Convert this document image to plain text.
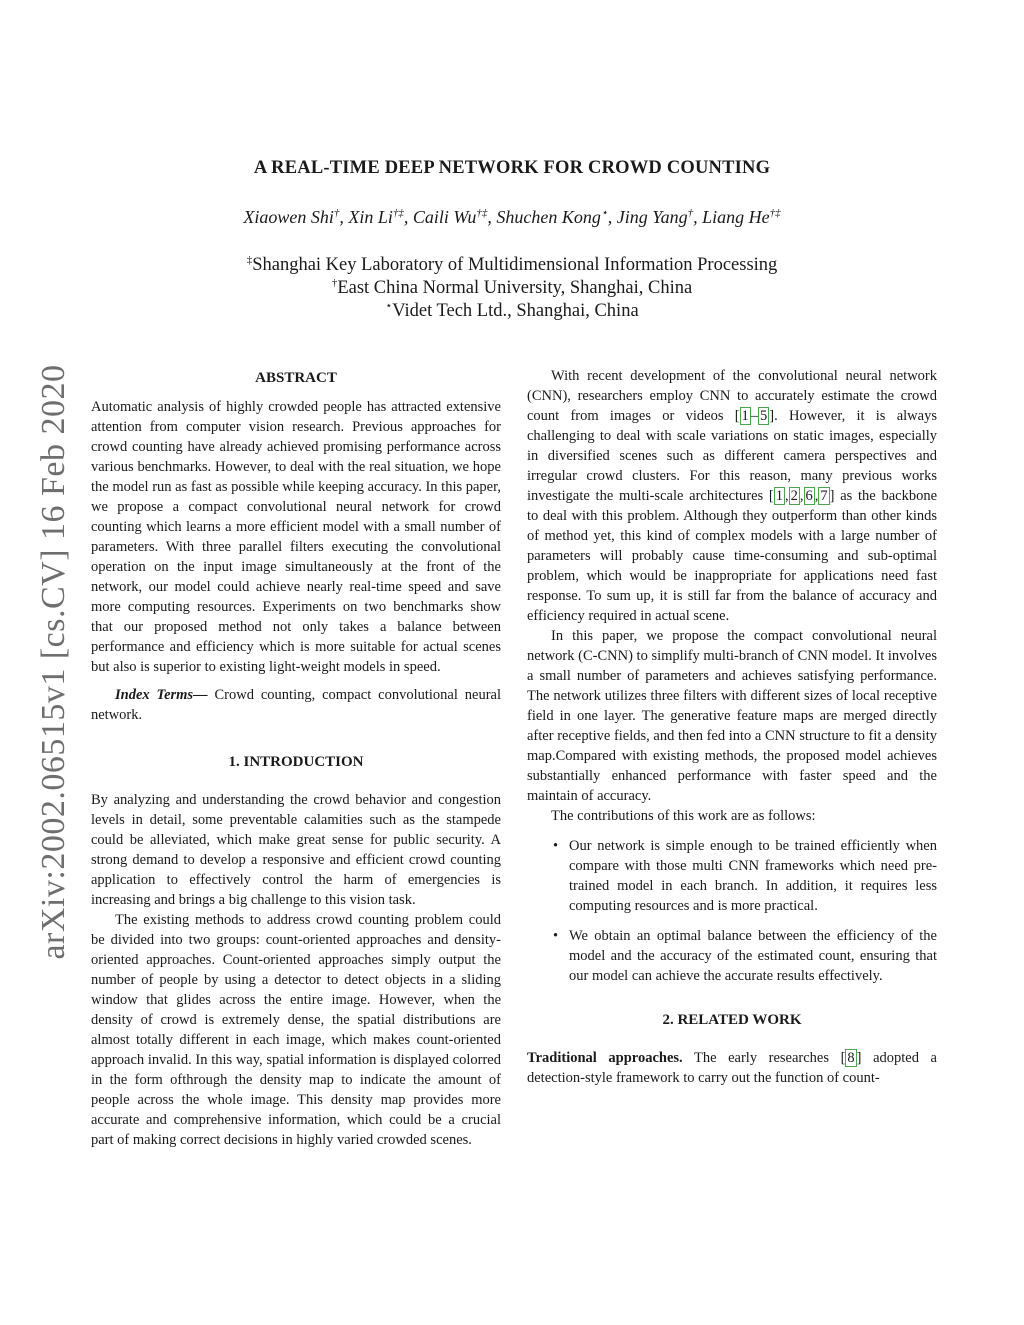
arXiv:2002.06515v1 [cs.CV] 16 Feb 2020
A REAL-TIME DEEP NETWORK FOR CROWD COUNTING
Xiaowen Shi†, Xin Li†‡, Caili Wu†‡, Shuchen Kong⋆, Jing Yang†, Liang He†‡
‡Shanghai Key Laboratory of Multidimensional Information Processing
†East China Normal University, Shanghai, China
⋆Videt Tech Ltd., Shanghai, China

ABSTRACT

Automatic analysis of highly crowded people has attracted extensive attention from computer vision research. Previous approaches for crowd counting have already achieved promising performance across various benchmarks. However, to deal with the real situation, we hope the model run as fast as possible while keeping accuracy. In this paper, we propose a compact convolutional neural network for crowd counting which learns a more efficient model with a small number of parameters. With three parallel filters executing the convolutional operation on the input image simultaneously at the front of the network, our model could achieve nearly real-time speed and save more computing resources. Experiments on two benchmarks show that our proposed method not only takes a balance between performance and efficiency which is more suitable for actual scenes but also is superior to existing light-weight models in speed.

Index Terms— Crowd counting, compact convolutional neural network.

1. INTRODUCTION

By analyzing and understanding the crowd behavior and congestion levels in detail, some preventable calamities such as the stampede could be alleviated, which make great sense for public security. A strong demand to develop a responsive and efficient crowd counting application to effectively control the harm of emergencies is increasing and brings a big challenge to this vision task.

The existing methods to address crowd counting problem could be divided into two groups: count-oriented approaches and density-oriented approaches. Count-oriented approaches simply output the number of people by using a detector to detect objects in a sliding window that glides across the entire image. However, when the density of crowd is extremely dense, the spatial distributions are almost totally different in each image, which makes count-oriented approach invalid. In this way, spatial information is displayed colorred in the form ofthrough the density map to indicate the amount of people across the whole image. This density map provides more accurate and comprehensive information, which could be a crucial part of making correct decisions in highly varied crowded scenes.

With recent development of the convolutional neural network (CNN), researchers employ CNN to accurately estimate the crowd count from images or videos [ 1 – 5 ]. However, it is always challenging to deal with scale variations on static images, especially in diversified scenes such as different camera perspectives and irregular crowd clusters. For this reason, many previous works investigate the multi-scale architectures [ 1 , 2 , 6 , 7 ] as the backbone to deal with this problem. Although they outperform than other kinds of method yet, this kind of complex models with a large number of parameters will probably cause time-consuming and sub-optimal problem, which would be inappropriate for applications need fast response. To sum up, it is still far from the balance of accuracy and efficiency required in actual scene.

In this paper, we propose the compact convolutional neural network (C-CNN) to simplify multi-branch of CNN model. It involves a small number of parameters and achieves satisfying performance. The network utilizes three filters with different sizes of local receptive field in one layer. The generative feature maps are merged directly after receptive fields, and then fed into a CNN structure to fit a density map.Compared with existing methods, the proposed model achieves substantially enhanced performance with faster speed and the maintain of accuracy.

The contributions of this work are as follows:

• Our network is simple enough to be trained efficiently when compare with those multi CNN frameworks which need pre-trained model in each branch. In addition, it requires less computing resources and is more practical.
• We obtain an optimal balance between the efficiency of the model and the accuracy of the estimated count, ensuring that our model can achieve the accurate results effectively.

2. RELATED WORK

Traditional approaches. The early researches [ 8 ] adopted a detection-style framework to carry out the function of count-
